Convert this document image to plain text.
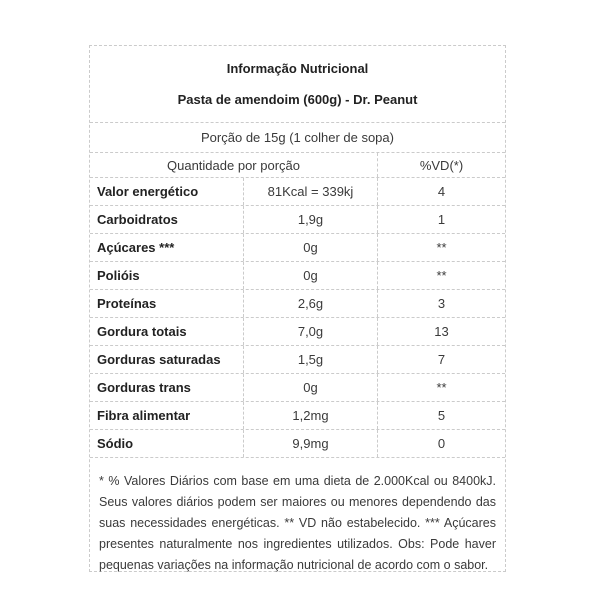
Informação Nutricional
Pasta de amendoim (600g) - Dr. Peanut
Porção de 15g (1 colher de sopa)
Quantidade por porção	%VD(*)
Valor energético	81Kcal = 339kj	4
Carboidratos	1,9g	1
Açúcares ***	0g	**
Polióis	0g	**
Proteínas	2,6g	3
Gordura totais	7,0g	13
Gorduras saturadas	1,5g	7
Gorduras trans	0g	**
Fibra alimentar	1,2mg	5
Sódio	9,9mg	0
* % Valores Diários com base em uma dieta de 2.000Kcal ou 8400kJ. Seus valores diários podem ser maiores ou menores dependendo das suas necessidades energéticas. ** VD não estabelecido. *** Açúcares presentes naturalmente nos ingredientes utilizados. Obs: Pode haver pequenas variações na informação nutricional de acordo com o sabor.
